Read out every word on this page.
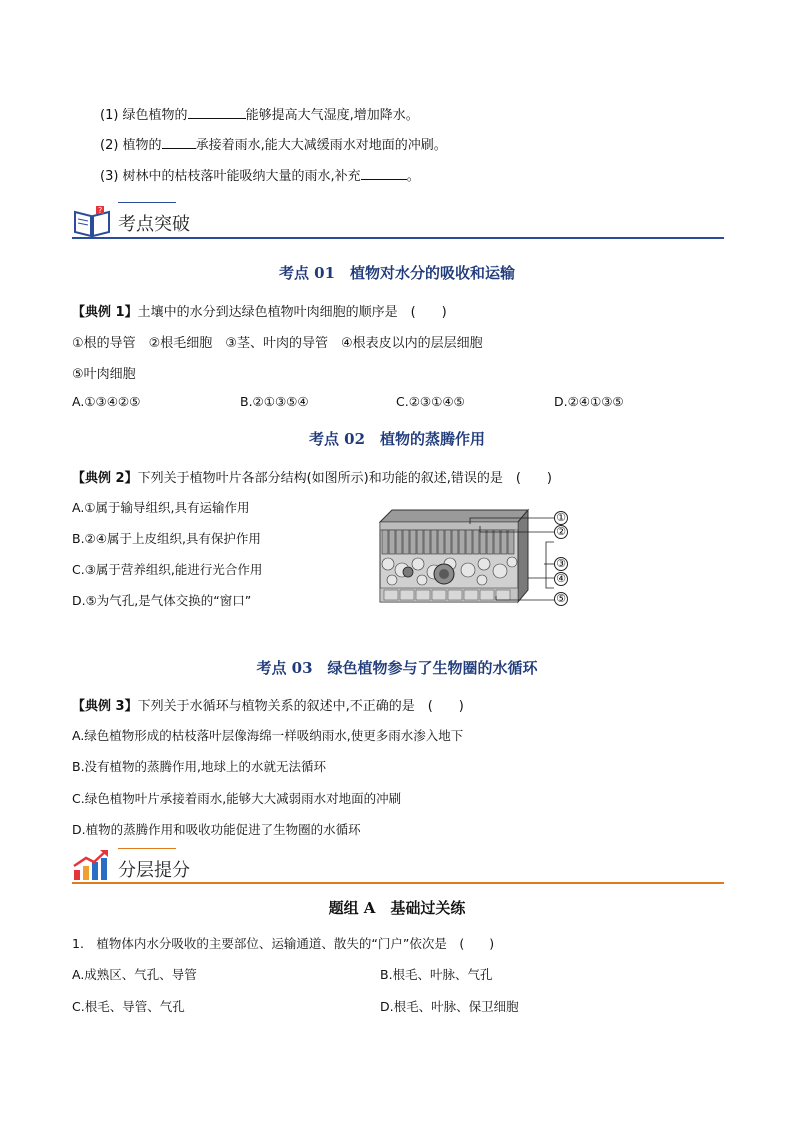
(1) 绿色植物的	能够提高大气湿度,增加降水。
(2) 植物的	承接着雨水,能大大减缓雨水对地面的冲刷。
(3) 树林中的枯枝落叶能吸纳大量的雨水,补充	。
?
考点突破
考点 01　植物对水分的吸收和运输
【典例 1】土壤中的水分到达绿色植物叶肉细胞的顺序是　(　　)
①根的导管　②根毛细胞　③茎、叶肉的导管　④根表皮以内的层层细胞
⑤叶肉细胞
A.①③④②⑤	B.②①③⑤④	C.②③①④⑤	D.②④①③⑤
考点 02　植物的蒸腾作用
【典例 2】下列关于植物叶片各部分结构(如图所示)和功能的叙述,错误的是　(　　)
A.①属于输导组织,具有运输作用
B.②④属于上皮组织,具有保护作用
C.③属于营养组织,能进行光合作用
D.⑤为气孔,是气体交换的“窗口”
①
②
③
④
⑤
考点 03　绿色植物参与了生物圈的水循环
【典例 3】下列关于水循环与植物关系的叙述中,不正确的是　(　　)
A.绿色植物形成的枯枝落叶层像海绵一样吸纳雨水,使更多雨水渗入地下
B.没有植物的蒸腾作用,地球上的水就无法循环
C.绿色植物叶片承接着雨水,能够大大减弱雨水对地面的冲刷
D.植物的蒸腾作用和吸收功能促进了生物圈的水循环
分层提分
题组 A　基础过关练
1.　植物体内水分吸收的主要部位、运输通道、散失的“门户”依次是　(　　)
A.成熟区、气孔、导管	B.根毛、叶脉、气孔
C.根毛、导管、气孔	D.根毛、叶脉、保卫细胞
